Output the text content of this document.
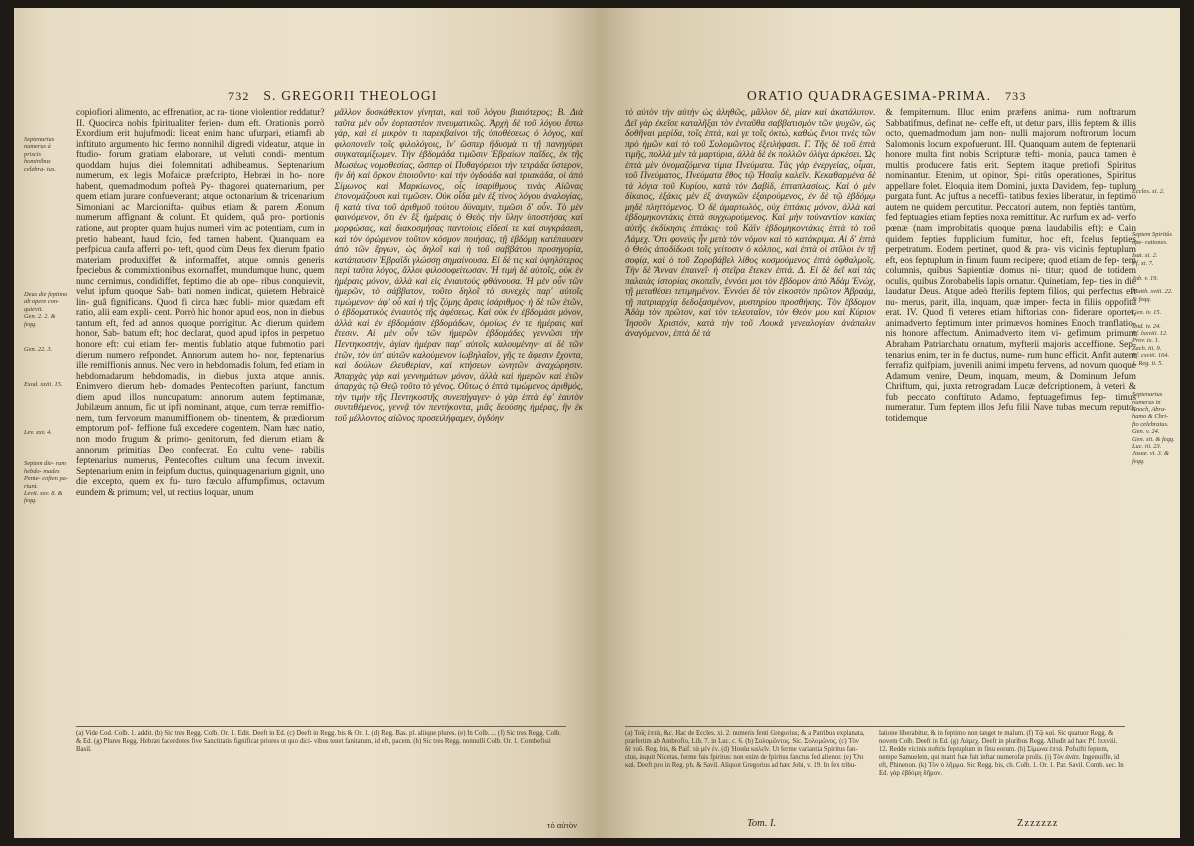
732 S. GREGORII THEOLOGI
Septenarius numerus à priscis hominibus celebra- tus.
Deus die feptimo ab opere con- quievit.
Gen. 2. 2. & feqq.
Gen. 22. 3.
Exod. xxiii. 15.
Lev. xxv. 4.
Septem die- rum hebdo- mades Pente- coften pa- riunt.
Levit. xxv. 8. & feqq.

copiofiori alimento, ac effrenatior, ac ra- tione violentior reddatur? II. Quocirca nobis fpiritualiter ferien- dum eft. Orationis porrò Exordium erit hujufmodi: liceat enim hanc ufurpari, etiamfi ab inftituto argumento hic fermo nonnihil digredi videatur, atque in ftudio- forum gratiam elaborare, ut veluti condi- mentum quoddam hujus diei folemnitati adhibeamus. Septenarium numerum, ex legis Mofaicæ præfcripto, Hebræi in ho- nore habent, quemadmodum pofteà Py- thagorei quaternarium, per quem etiam jurare confueverant; atque octonarium & tricenarium Simoniani ac Marcionifta- quibus etiam & parem Æonum numerum affignant & colunt. Et quidem, quâ pro- portionis ratione, aut propter quam hujus numeri vim ac potentiam, cum in pretio habeant, haud fcio, fed tamen habent. Quanquam ea perfpicua caufa afferri po- teft, quod cùm Deus fex dierum fpatio materiam produxiffet & informaffet, atque omnis generis fpeciebus & commixtionibus exornaffet, mundumque hunc, quem nunc cernimus, condidiffet, feptimo die ab ope- ribus conquievit, velut ipfum quoque Sab- bati nomen indicat, quietem Hebraicè lin- guâ fignificans. Quod fi circa hæc fubli- mior quædam eft ratio, alii eam expli- cent. Porrò hic honor apud eos, non in diebus tantum eft, fed ad annos quoque porrigitur. Ac dierum quidem honor, Sab- batum eft; hoc declarat, quod apud ipfos in perpetuo honore eft: cui etiam fer- mentis fublatio atque fubmotio pari dierum numero refpondet. Annorum autem ho- nor, feptenarius ille remiffionis annus. Nec vero in hebdomadis folum, fed etiam in hebdomadarum hebdomadis, in diebus juxta atque annis. Enimvero dierum heb- domades Pentecoften pariunt, fanctum diem apud illos nuncupatum: annorum autem feptimanæ, Jubilæum annum, fic ut ipfi nominant, atque, cum terræ remiffio- nem, tum fervorum manumiffionem ob- tinentem, & prædiorum emptorum pof- feffione fuâ excedere cogentem. Nam hæc natio, non modo frugum & primo- genitorum, fed dierum etiam & annorum primitias Deo confecrat. Eo cultu vene- rabilis feptenarius numerus, Pentecoftes cultum una fecum invexit. Septenarium enim in feipfum ductus, quinquagenarium gignit, uno die excepto, quem ex fu- turo fæculo affumpfimus, octavum eundem & primum; vel, ut rectius loquar, unum

μᾶλλον δυσκάθεκτον γίνηται, καὶ τοῦ λόγου βιαιότερος; Β. Διὰ ταῦτα μὲν οὖν ἑορταστέον πνευματικῶς. Ἀρχὴ δὲ τοῦ λόγου ἔστω γάρ, καὶ εἰ μικρὸν τι παρεκβαίνοι τῆς ὑποθέσεως ὁ λόγος, καὶ φιλοπονεῖν τοῖς φιλολόγοις, ἵν' ὥσπερ ἥδυσμά τι τῇ πανηγύρει συγκαταμίξωμεν. Τὴν ἑβδομάδα τιμῶσιν Ἑβραίων παῖδες, ἐκ τῆς Μωσέως νομοθεσίας, ὥσπερ οἱ Πυθαγόρειοι τὴν τετράδα ὕστερον, ἣν δὴ καὶ ὅρκον ἐποιοῦντο· καὶ τὴν ὀγδοάδα καὶ τριακάδα, οἱ ἀπὸ Σίμωνος καὶ Μαρκίωνος, οἷς ἰσαρίθμους τινὰς Αἰῶνας ἐπονομάζουσι καὶ τιμῶσιν. Οὐκ οἶδα μὲν ἐξ τίνος λόγου ἀναλογίας, ἢ κατὰ τίνα τοῦ ἀριθμοῦ τούτου δύναμιν, τιμῶσι δ' οὖν. Τὸ μὲν φαινόμενον, ὅτι ἐν ἓξ ἡμέραις ὁ Θεὸς τὴν ὕλην ὑποστήσας καὶ μορφώσας, καὶ διακοσμήσας παντοίοις εἴδεσί τε καὶ συγκράσεσι, καὶ τὸν ὁρώμενον τοῦτον κόσμον ποιήσας, τῇ ἑβδόμῃ κατέπαυσεν ἀπὸ τῶν ἔργων, ὡς δηλοῖ καὶ ἡ τοῦ σαββάτου προσηγορία, κατάπαυσιν Ἑβραΐδι γλώσσῃ σημαίνουσα. Εἰ δέ τις καὶ ὑψηλότερος περὶ ταῦτα λόγος, ἄλλοι φιλοσοφείτωσαν. Ἡ τιμὴ δὲ αὐτοῖς, οὐκ ἐν ἡμέραις μόνον, ἀλλὰ καὶ εἰς ἐνιαυτοὺς φθάνουσα. Ἡ μὲν οὖν τῶν ἡμερῶν, τὸ σάββατον, τοῦτο δηλοῖ τὸ συνεχὲς παρ' αὐτοῖς τιμώμενον· ἀφ' οὗ καὶ ἡ τῆς ζύμης ἄρσις ἰσάριθμος· ἡ δὲ τῶν ἐτῶν, ὁ ἑβδοματικὸς ἐνιαυτὸς τῆς ἀφέσεως. Καὶ οὐκ ἐν ἑβδομάσι μόνον, ἀλλὰ καὶ ἐν ἑβδομάσιν ἑβδομάδων, ὁμοίως ἐν τε ἡμέραις καὶ ἔτεσιν. Αἱ μὲν οὖν τῶν ἡμερῶν ἑβδομάδες γεννῶσι τὴν Πεντηκοστήν, ἁγίαν ἡμέραν παρ' αὐτοῖς καλουμένην· αἱ δὲ τῶν ἐτῶν, τὸν ὑπ' αὐτῶν καλούμενον ἰωβηλαῖον, γῆς τε ἄφεσιν ἔχοντα, καὶ δούλων ἐλευθερίαν, καὶ κτήσεων ὠνητῶν ἀναχώρησιν. Ἀπαρχὰς γὰρ καὶ γεννημάτων μόνον, ἀλλὰ καὶ ἡμερῶν καὶ ἐτῶν ἀπαρχὰς τῷ Θεῷ τοῦτο τὸ γένος. Οὕτως ὁ ἑπτὰ τιμώμενος ἀριθμός, τὴν τιμὴν τῆς Πεντηκοστῆς συνεπήγαγεν· ὁ γὰρ ἑπτὰ ἐφ' ἑαυτὸν συντιθέμενος, γεννᾷ τὸν πεντήκοντα, μιᾶς δεούσης ἡμέρας, ἣν ἐκ τοῦ μέλλοντος αἰῶνος προσειλήφαμεν, ὀγδόην

(a) Vide Cod. Colb. 1. addit. (b) Sic tres Regg. Colb. Or. 1. Edit. Deeft in Ed. (c) Deeft in Regg. bis & Or. 1. (d) Reg. Bas. pl. aliique plures. (e) In Colb. ... (f) Sic tres Regg. Colb. & Ed. (g) Plures Regg. Hebræi facerdotes five Sanctitatis fignificat priores ut quo dici- vibus tenet fanitatum, id eft, pacem. (h) Sic tres Regg. nonnulli Colb. Or. 1. Combefisii Basil.
τὸ αὐτὸν
ORATIO QUADRAGESIMA-PRIMA. 733

τὸ αὐτὸν τὴν αὐτὴν ὡς ἀληθῶς, μᾶλλον δὲ, μίαν καὶ ἀκατάλυτον. Δεῖ γὰρ ἐκεῖσε καταλῆξαι τὸν ἐνταῦθα σαββατισμὸν τῶν ψυχῶν, ὡς δοθῆναι μερίδα, τοῖς ἑπτὰ, καὶ γε τοῖς ὀκτώ, καθὼς ἔνιοι τινὲς τῶν πρὸ ἡμῶν καὶ τὸ τοῦ Σολομῶντος ἐξειλήφασι. Γ. Τῆς δὲ τοῦ ἑπτὰ τιμῆς, πολλὰ μὲν τὰ μαρτύρια, ἀλλὰ δὲ ἐκ πολλῶν ὀλίγα ἀρκέσει. Ὡς ἑπτὰ μὲν ὀνομαζόμενα τίμια Πνεύματα. Τὰς γὰρ ἐνεργείας, οἶμαι, τοῦ Πνεύματος, Πνεύματα ἔθος τῷ Ἡσαΐᾳ καλεῖν. Κεκαθαρμένα δὲ τὰ λόγια τοῦ Κυρίου, κατὰ τὸν Δαβίδ, ἑπταπλασίως. Καὶ ὁ μὲν δίκαιος, ἑξάκις μὲν ἐξ ἀναγκῶν ἐξαιρούμενος, ἐν δὲ τῷ ἑβδόμῳ μηδὲ πληττόμενος. Ὁ δὲ ἁμαρτωλὸς, οὐχ ἑπτάκις μόνον, ἀλλὰ καὶ ἑβδομηκοντάκις ἑπτὰ συγχωρούμενος. Καὶ μὴν τοὐναντίον κακίας αὐτῆς ἐκδίκησις ἑπτάκις· τοῦ Κάϊν ἑβδομηκοντάκις ἑπτὰ τὸ τοῦ Λάμεχ. Ὅτι φονεὺς ἦν μετὰ τὸν νόμον καὶ τὸ κατάκριμα. Αἱ δ' ἑπτὰ ὁ Θεὸς ἀποδίδωσι τοῖς γείτοσιν ὁ κόλπος, καὶ ἑπτὰ οἱ στῦλοι ἐν τῇ σοφίᾳ, καὶ ὁ τοῦ Ζοροβάβελ λίθος κοσμούμενος ἑπτὰ ὀφθαλμοῖς. Τὴν δὲ Ἄνναν ἐπαινεῖ· ἡ στεῖρα ἔτεκεν ἑπτά. Δ. Εἰ δὲ δεῖ καὶ τὰς παλαιὰς ἱστορίας σκοπεῖν, ἐννόει μοι τὸν ἕβδομον ἀπὸ Ἀδὰμ Ἐνώχ, τῇ μεταθέσει τετιμημένον. Ἐννόει δὲ τὸν εἰκοστὸν πρῶτον Ἀβραάμ, τῇ πατριαρχίᾳ δεδοξασμένον, μυστηρίου προσθήκης. Τὸν ἕβδομον Ἀδὰμ τὸν πρῶτον, καὶ τὸν τελευταῖον, τὸν Θεὸν μου καὶ Κύριον Ἰησοῦν Χριστόν, κατὰ τὴν τοῦ Λουκᾶ γενεαλογίαν ἀνάπαλιν ἀναγόμενον, ἑπτὰ δὲ τὰ

& fempiternum. Illuc enim præfens anima- rum noftrarum Sabbatifmus, definat ne- ceffe eft, ut detur pars, illis feptem & illis octo, quemadmodum jam non- nulli majorum noftrorum locum Salomonis locum expofuerunt. III. Quanquam autem de feptenarii honore multa fint nobis Scripturæ tefti- monia, pauca tamen è multis producere fatis erit. Septem itaque pretiofi Spiritus nominantur. Etenim, ut opinor, Spi- ritûs operationes, Spiritus appellare folet. Eloquia item Domini, juxta Davidem, fep- tuplum purgata funt. Ac juftus a neceffi- tatibus fexies liberatur, in feptimo autem ne quidem percutitur. Peccatori autem, non feptiès tantùm, fed feptuagies etiam fepties noxa remittitur. Ac rurfum ex ad- verfo pœnæ (nam improbitatis quoque pœna laudabilis eft): e Cain quidem fepties fupplicium fumitur, hoc eft, fcelus fepties perpetratum. Eodem pertinet, quod & pra- vis vicinis feptuplum eft, eos feptuplum in finum fuum recipere; quod etiam de fep- tem columnis, quibus Sapientiæ domus ni- titur; quod de totidem oculis, quibus Zorobabelis lapis ornatur. Quinetiam, fep- ties in die laudatur Deus. Atque adeò fterilis feptem filios, qui perfectus eft nu- merus, parit, illa, inquam, quæ imper- fecta in filiis oppofita erat. IV. Quod fi veteres etiam hiftorias con- fiderare oportet, animadverto feptimum inter primævos homines Enoch tranflatio- nis honore affectum. Animadverto item vi- gefimum primum Abraham Patriarchatu ornatum, myfterii majoris acceffione. Sep- tenarius enim, ter in fe ductus, nume- rum hunc efficit. Anfit autem ferrafiz quifpiam, juvenili animi impetu fervens, ad novum quoque Adamum venire, Deum, inquam, meum, & Dominum Jefum Chriftum, qui, juxta retrogradam Lucæ defcriptionem, à veteri & fub peccato conftituto Adamo, feptuagefimus fep- timus numeratur. Tum feptem illos Jefu filii Nave tubas mecum reputo, totidemque

Eccles. xi. 2.
Septem Spiritûs ope- rationes.
Isai. xi. 2.
Pf. xi. 7.
Job. v. 19.
Matth. xviii. 22. & feqq.
Gen. iv. 15.
Ibid. iv. 24.
Pf. lxxviii. 12.
Prov. ix. 1.
Zach. iii. 9.
Pf. cxviii. 164.
1. Reg. ii. 5.
Septenarius numerus in Enoch, Abra- hamo & Chri- fto celebratus.
Gen. v. 24.
Gen. xii. & feqq.
Luc. iii. 23.
Josue. vi. 3. & feqq.
(a) Τοῖς ἑπτὰ, &c. Hac de Eccles. xi. 2. numeris fenti Gregorius; & a Patribus explanata, præfertim ab Ambrofio, Lib. 7. in Luc. c. 6. (b) Σολομῶντος. Sic. Σολομῶνος. (c) Τὸν δὲ τοῦ. Reg. bis, & Paif. τὰ μὲν ἐν. (d) Ἡσαΐα καλεῖν. Ut ferme variantia Spiritus fan- ctus, inquit Nicetas, ferme fuis fpiritus: non enim de fpiritus fanctus fed alienor. (e) Ὅτι καὶ. Deeft pro in Reg. ph. & Savil. Aliquot Gregorius ad hæc Jobi, v. 19. In fex tribu-
latione liberabitur, & in feptimo non tanget te malum. (f) Τῷ καί. Sic quatuor Regg. & novem Colb. Deeft in Ed. (g) Λάμεχ. Deeft in pluribus Regg. Alludit ad hæc Pf. lxxviii. 12. Redde vicinis noftris feptuplum in finu eorum. (h) Σίμωνα ἑπτά. Pofuifti feptem, nempe Samuelem, qui matri fuæ fuit inftar numerofæ prolis. (i) Τὸν ἀνάπ. Ingenuiffe, id eft, Phinenon. (k) Τὸν ὁ λῆμμα. Sic Regg. bis, ch. Colb. 1. Or. 1. Par. Savil. Comb. sec. In Ed. γὰρ ἑβδόμη δῆμον.
Tom. I.	Zzzzzzz
